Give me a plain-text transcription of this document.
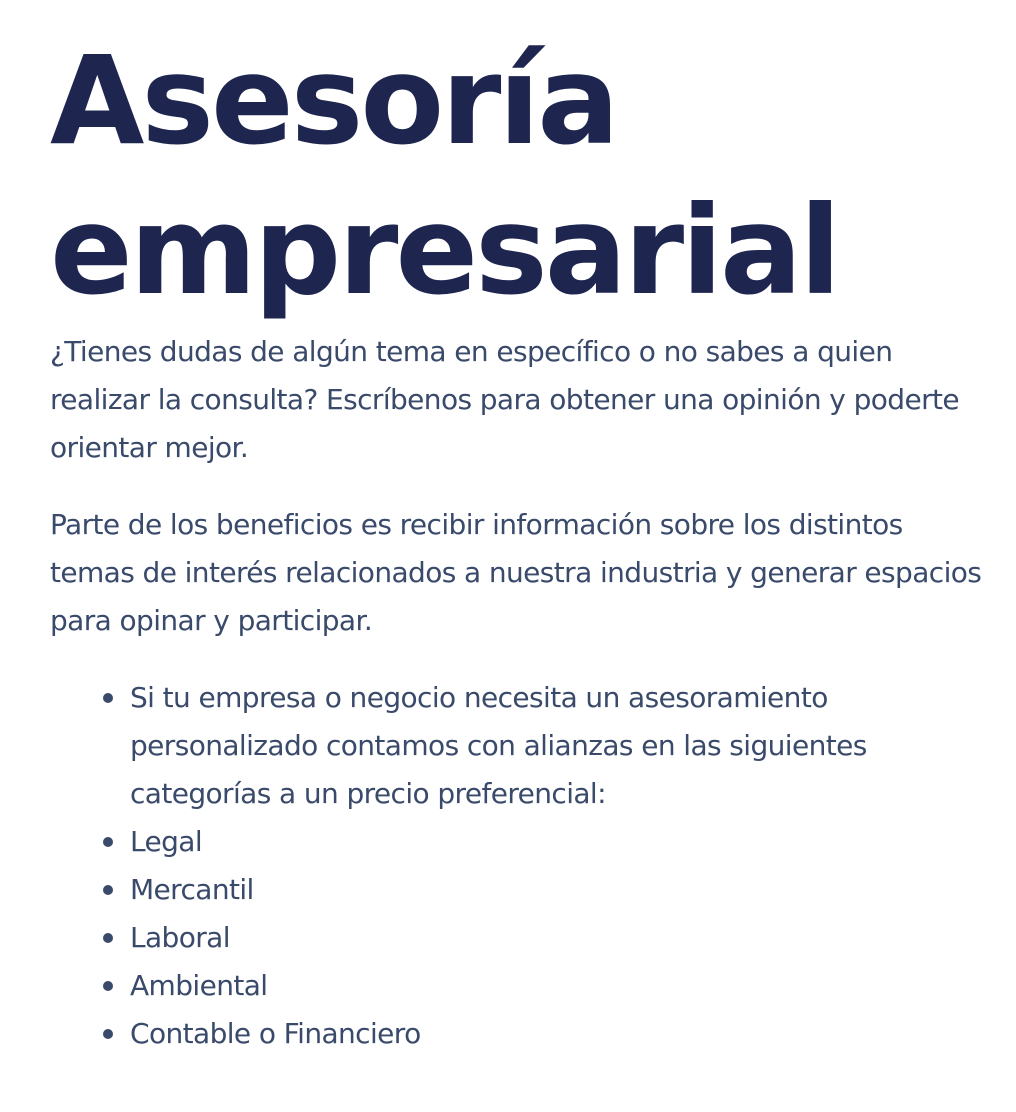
Asesoría
empresarial

¿Tienes dudas de algún tema en específico o no sabes a quien realizar la consulta? Escríbenos para obtener una opinión y poderte orientar mejor.

Parte de los beneficios es recibir información sobre los distintos temas de interés relacionados a nuestra industria y generar espacios para opinar y participar.

Si tu empresa o negocio necesita un asesoramiento personalizado contamos con alianzas en las siguientes categorías a un precio preferencial:
Legal
Mercantil
Laboral
Ambiental
Contable o Financiero
